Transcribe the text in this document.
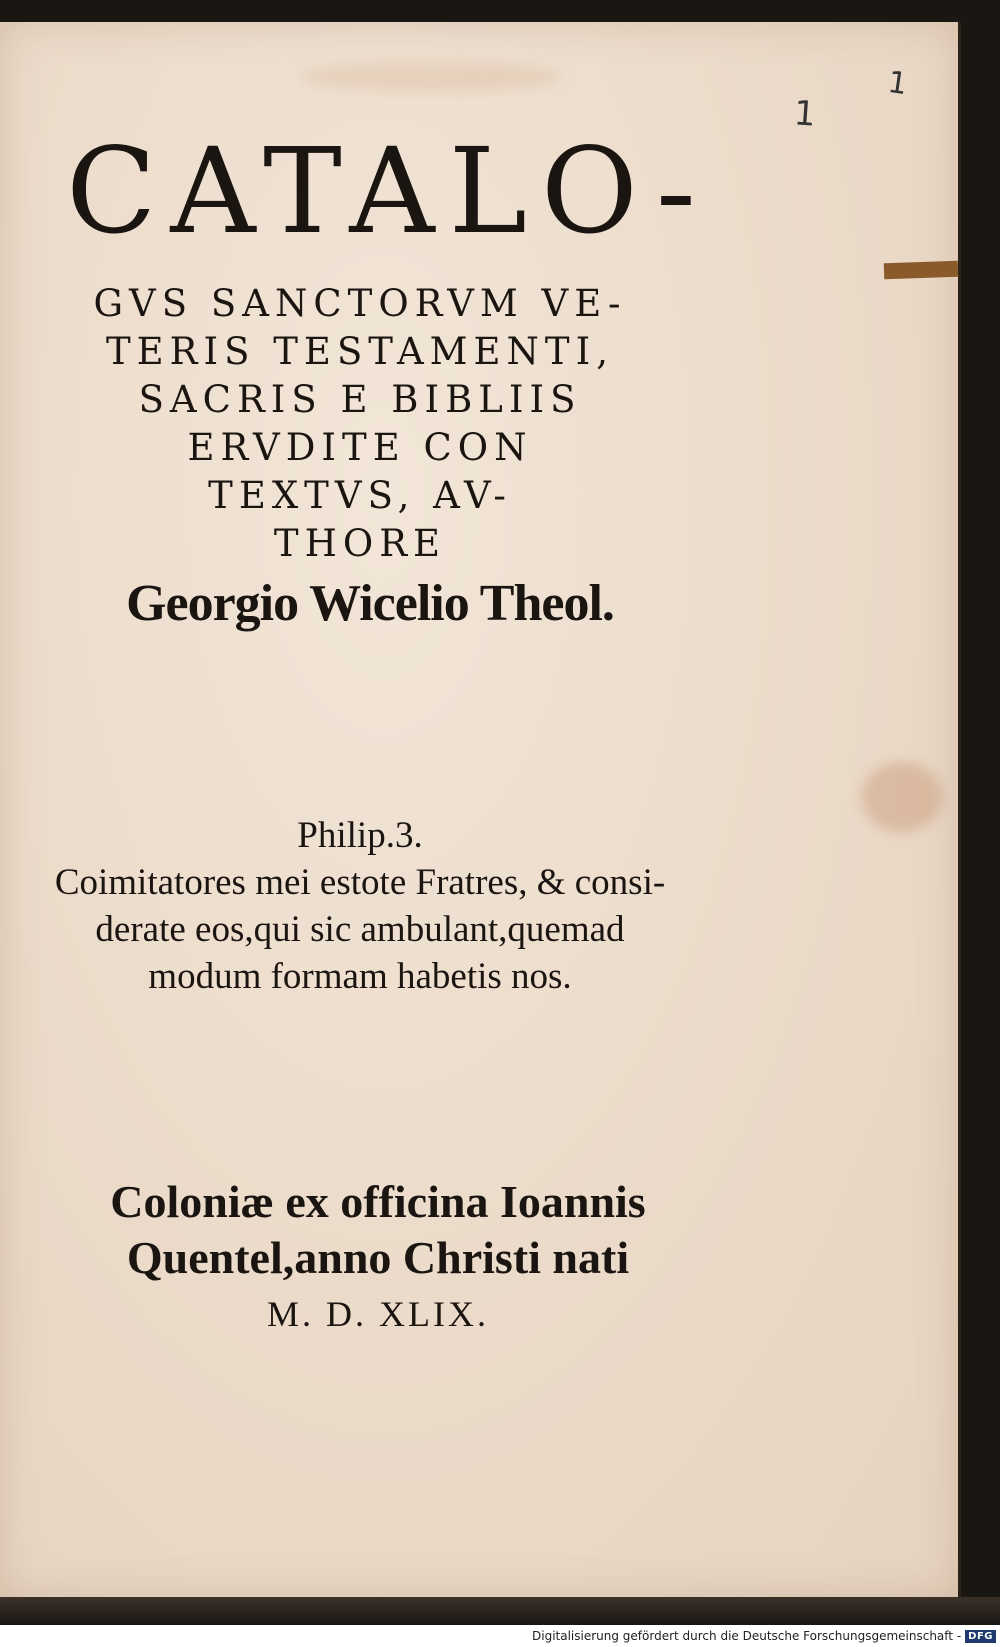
1
1
CATALO-
GVS SANCTORVM VE-
TERIS TESTAMENTI,
SACRIS E BIBLIIS
ERVDITE CON
TEXTVS, AV-
THORE
Georgio Wicelio Theol.
Philip.3.
Coimitatores mei estote Fratres, & consi-
derate eos,qui sic ambulant,quemad
modum formam habetis nos.
Coloniæ ex officina Ioannis
Quentel,anno Christi nati
M. D. XLIX.
Digitalisierung gefördert durch die Deutsche Forschungsgemeinschaft - DFG
